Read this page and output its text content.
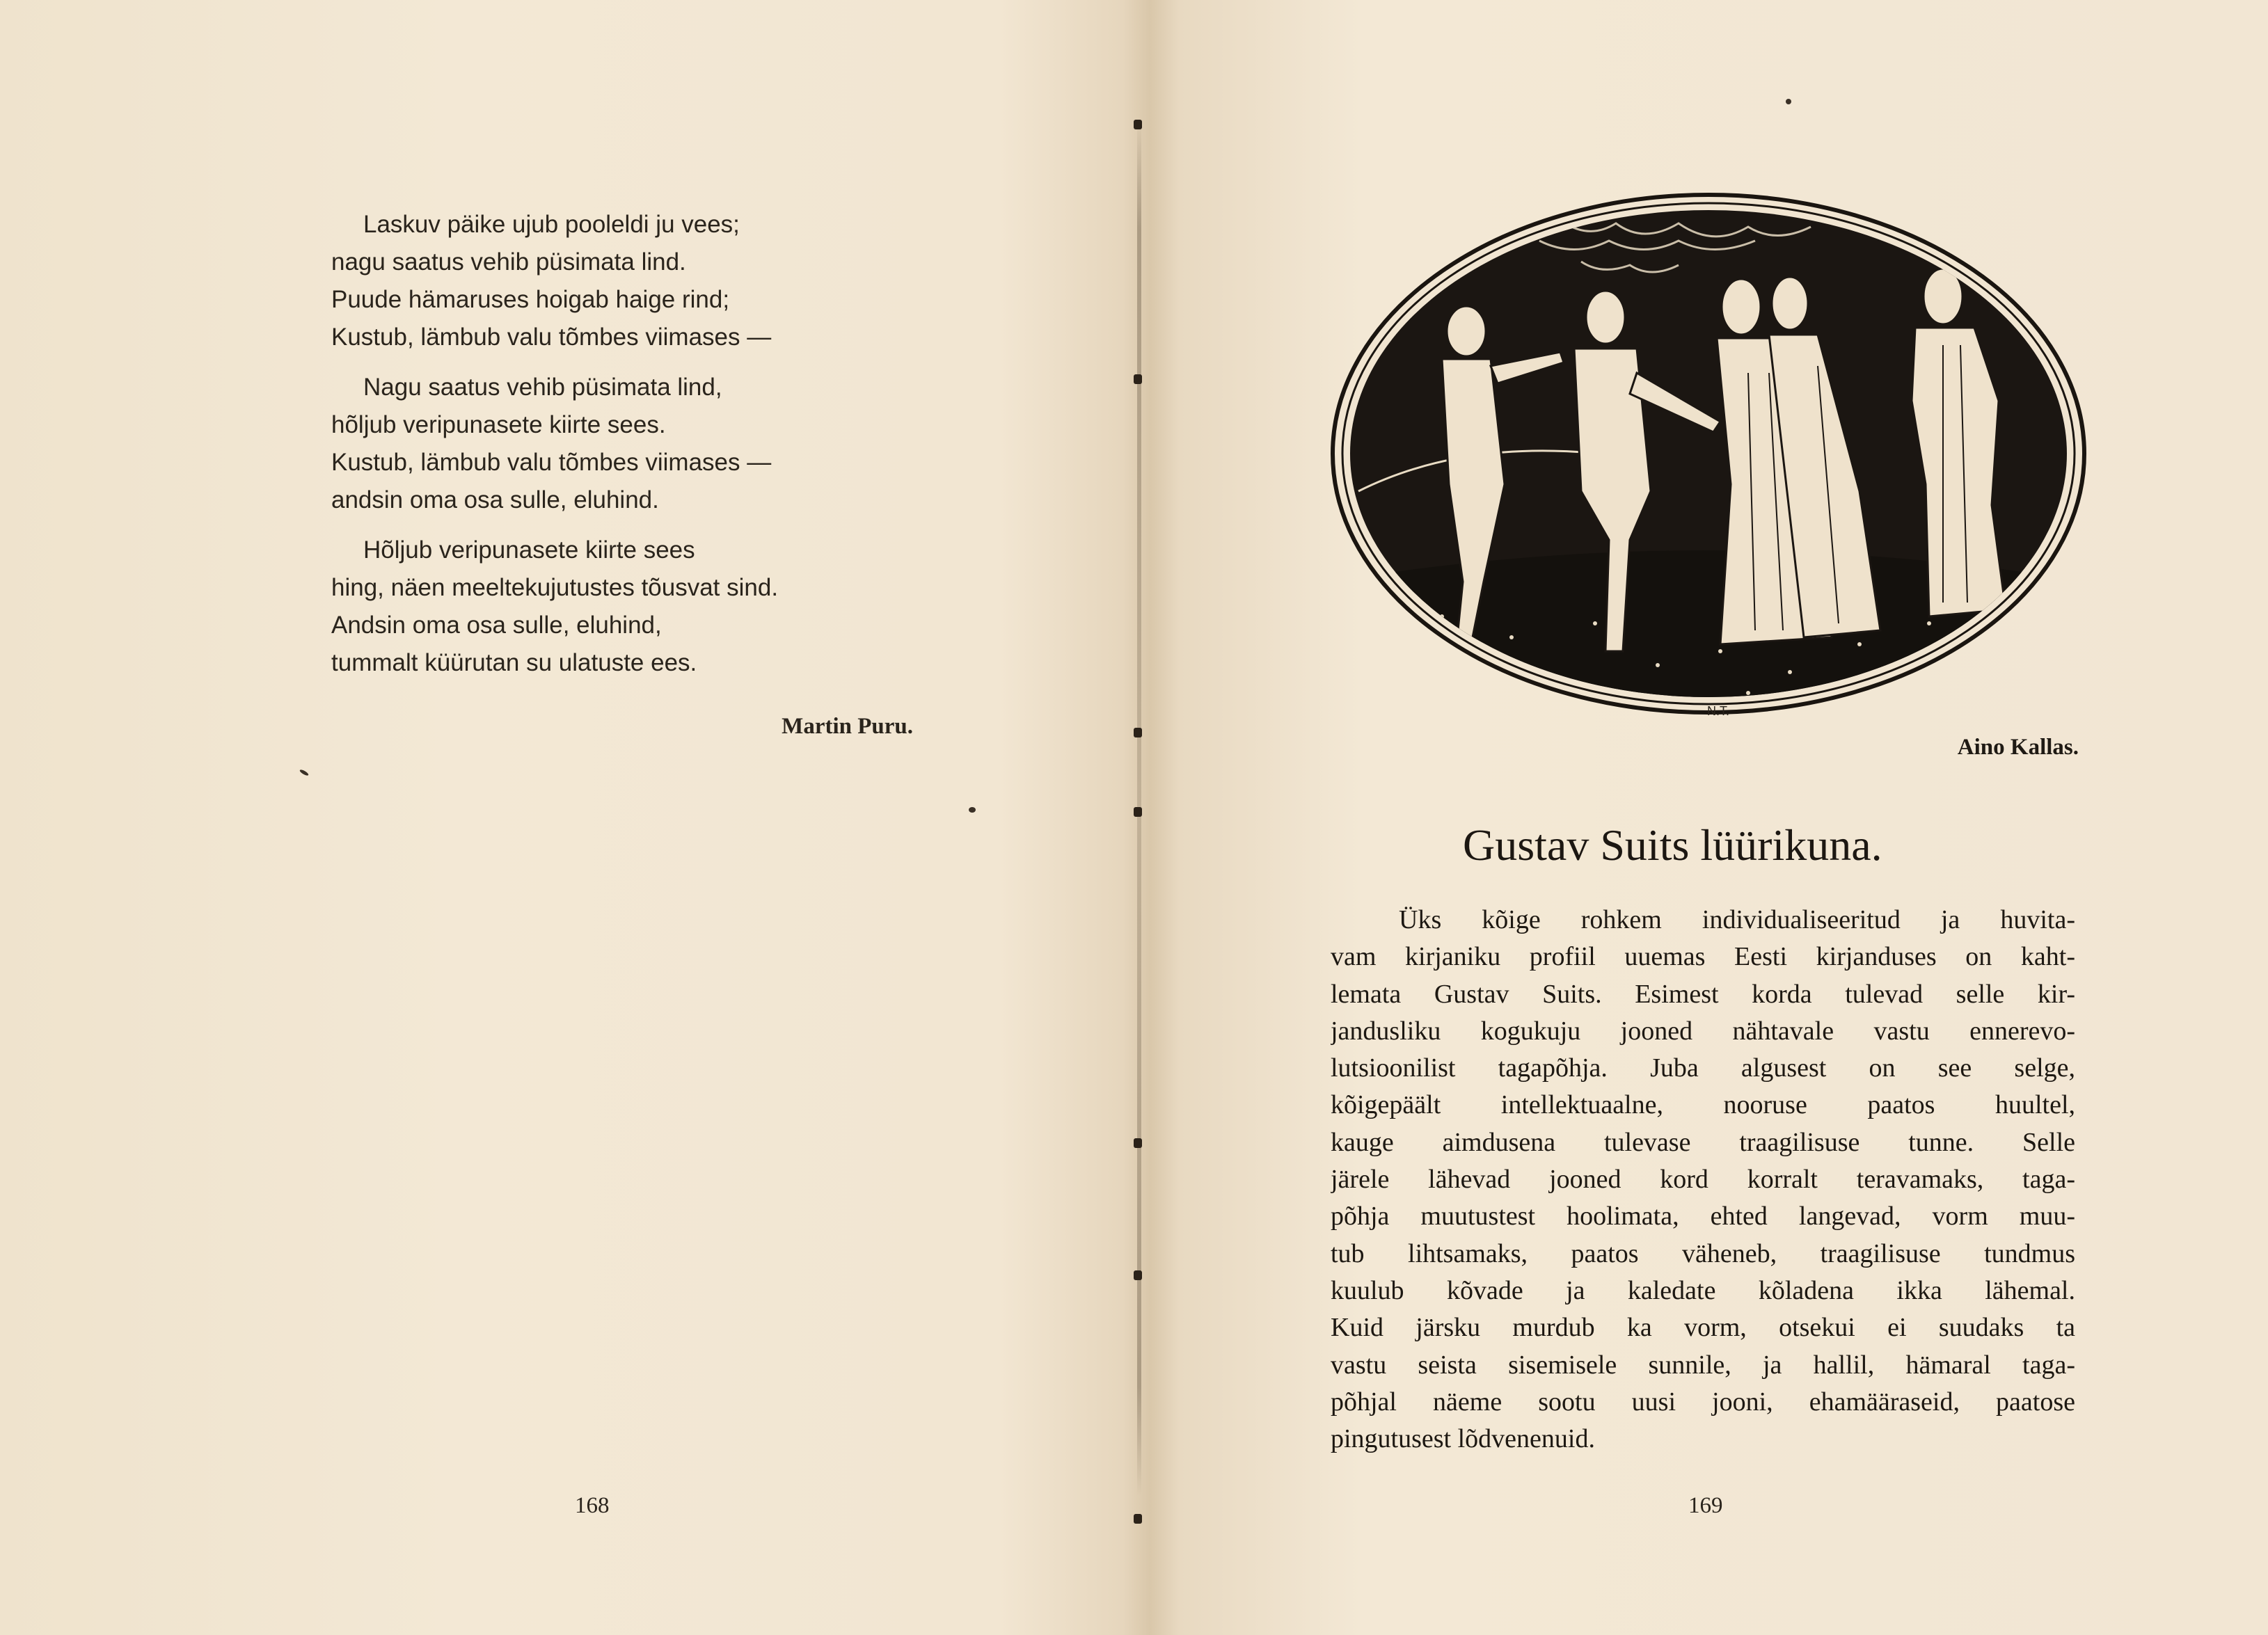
Laskuv päike ujub pooleldi ju vees;
nagu saatus vehib püsimata lind.
Puude hämaruses hoigab haige rind;
Kustub, lämbub valu tõmbes viimases —
Nagu saatus vehib püsimata lind,
hõljub veripunasete kiirte sees.
Kustub, lämbub valu tõmbes viimases —
andsin oma osa sulle, eluhind.
Hõljub veripunasete kiirte sees
hing, näen meeltekujutustes tõusvat sind.
Andsin oma osa sulle, eluhind,
tummalt küürutan su ulatuste ees.
Martin Puru.
168
N.T.
Aino Kallas.
Gustav Suits lüürikuna.
Üks kõige rohkem individualiseeritud ja huvita-
vam kirjaniku profiil uuemas Eesti kirjanduses on kaht-
lemata Gustav Suits. Esimest korda tulevad selle kir-
jandusliku kogukuju jooned nähtavale vastu ennerevo-
lutsioonilist tagapõhja. Juba algusest on see selge,
kõigepäält intellektuaalne, nooruse paatos huultel,
kauge aimdusena tulevase traagilisuse tunne. Selle
järele lähevad jooned kord korralt teravamaks, taga-
põhja muutustest hoolimata, ehted langevad, vorm muu-
tub lihtsamaks, paatos väheneb, traagilisuse tundmus
kuulub kõvade ja kaledate kõladena ikka lähemal.
Kuid järsku murdub ka vorm, otsekui ei suudaks ta
vastu seista sisemisele sunnile, ja hallil, hämaral taga-
põhjal näeme sootu uusi jooni, ehamääraseid, paatose
pingutusest lõdvenenuid.
169
